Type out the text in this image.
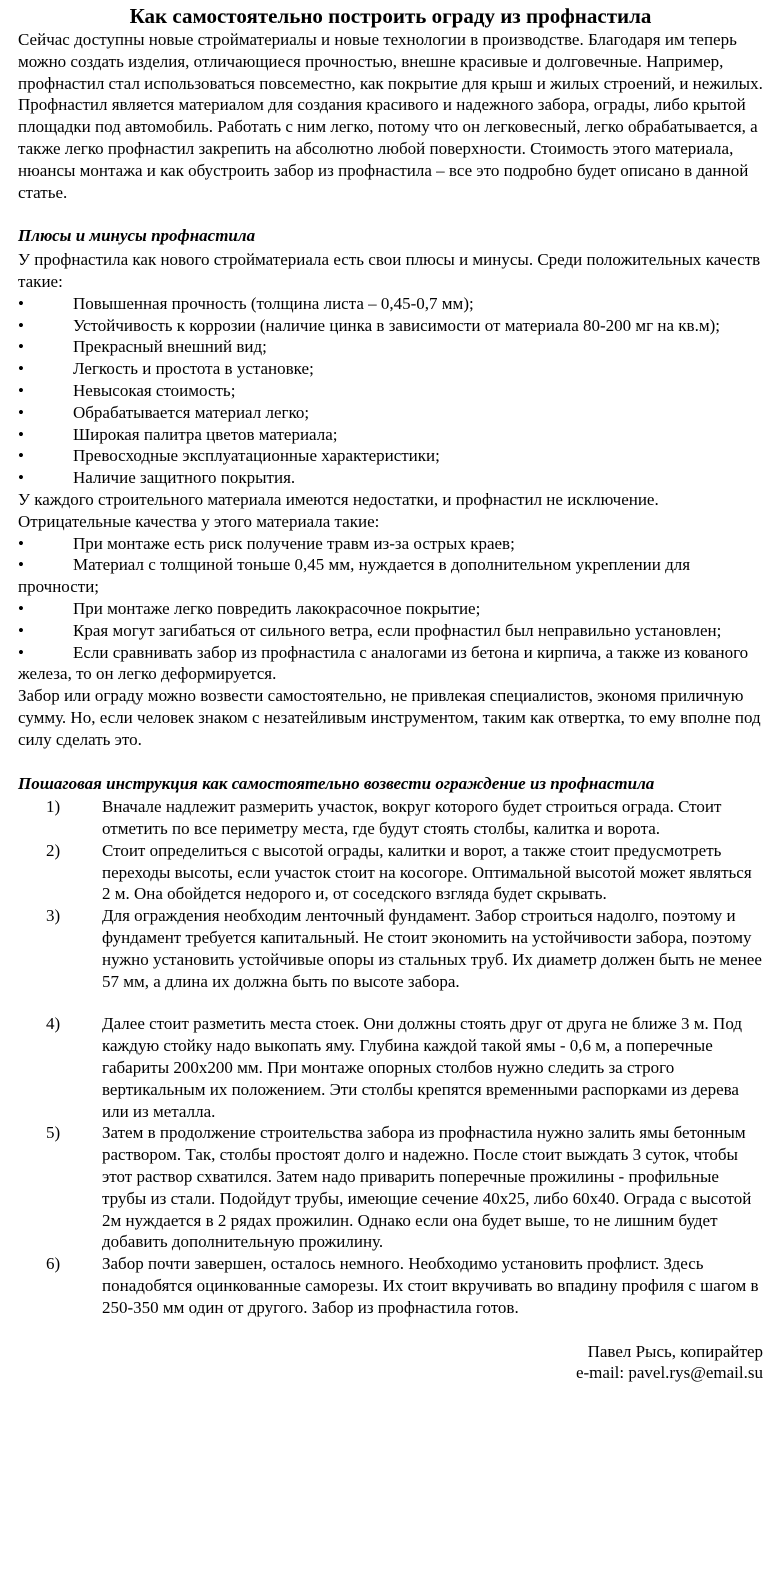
Как самостоятельно построить ограду из профнастила

Сейчас доступны новые стройматериалы и новые технологии в производстве. Благодаря им теперь можно создать изделия, отличающиеся прочностью, внешне красивые и долговечные. Например, профнастил стал использоваться повсеместно, как покрытие для крыш и жилых строений, и нежилых. Профнастил является материалом для создания красивого и надежного забора, ограды, либо крытой площадки под автомобиль. Работать с ним легко, потому что он легковесный, легко обрабатывается, а также легко профнастил закрепить на абсолютно любой поверхности. Стоимость этого материала, нюансы монтажа и как обустроить забор из профнастила – все это подробно будет описано в данной статье.

Плюсы и минусы профнастила

У профнастила как нового стройматериала есть свои плюсы и минусы. Среди положительных качеств такие:

•	Повышенная прочность (толщина листа – 0,45-0,7 мм);
•	Устойчивость к коррозии (наличие цинка в зависимости от материала 80-200 мг на кв.м);
•	Прекрасный внешний вид;
•	Легкость и простота в установке;
•	Невысокая стоимость;
•	Обрабатывается материал легко;
•	Широкая палитра цветов материала;
•	Превосходные эксплуатационные характеристики;
•	Наличие защитного покрытия.

У каждого строительного материала имеются недостатки, и профнастил не исключение. Отрицательные качества у этого материала такие:

•	При монтаже есть риск получение травм из-за острых краев;
•	Материал с толщиной тоньше 0,45 мм, нуждается в дополнительном укреплении для прочности;
•	При монтаже легко повредить лакокрасочное покрытие;
•	Края могут загибаться от сильного ветра, если профнастил был неправильно установлен;
•	Если сравнивать забор из профнастила с аналогами из бетона и кирпича, а также из кованого железа, то он легко деформируется.

Забор или ограду можно возвести самостоятельно, не привлекая специалистов, экономя приличную сумму. Но, если человек знаком с незатейливым инструментом, таким как отвертка, то ему вполне под силу сделать это.

Пошаговая инструкция как самостоятельно возвести ограждение из профнастила

1)	Вначале надлежит размерить участок, вокруг которого будет строиться ограда. Стоит отметить по все периметру места, где будут стоять столбы, калитка и ворота.
2)	Стоит определиться с высотой ограды, калитки и ворот, а также стоит предусмотреть переходы высоты, если участок стоит на косогоре. Оптимальной высотой может являться 2 м. Она обойдется недорого и, от соседского взгляда будет скрывать.
3)	Для ограждения необходим ленточный фундамент. Забор строиться надолго, поэтому и фундамент требуется капитальный. Не стоит экономить на устойчивости забора, поэтому нужно установить устойчивые опоры из стальных труб. Их диаметр должен быть не менее 57 мм, а длина их должна быть по высоте забора.
4)	Далее стоит разметить места стоек. Они должны стоять друг от друга не ближе 3 м. Под каждую стойку надо выкопать яму. Глубина каждой такой ямы - 0,6 м, а поперечные габариты 200х200 мм. При монтаже опорных столбов нужно следить за строго вертикальным их положением. Эти столбы крепятся временными распорками из дерева или из металла.
5)	Затем в продолжение строительства забора из профнастила нужно залить ямы бетонным раствором. Так, столбы простоят долго и надежно. После стоит выждать 3 суток, чтобы этот раствор схватился. Затем надо приварить поперечные прожилины - профильные трубы из стали. Подойдут трубы, имеющие сечение 40х25, либо 60х40. Ограда с высотой 2м нуждается в 2 рядах прожилин. Однако если она будет выше, то не лишним будет добавить дополнительную прожилину.
6)	Забор почти завершен, осталось немного. Необходимо установить профлист. Здесь понадобятся оцинкованные саморезы. Их стоит вкручивать во впадину профиля с шагом в 250-350 мм один от другого. Забор из профнастила готов.
Павел Рысь, копирайтер
e-mail: pavel.rys@email.su
